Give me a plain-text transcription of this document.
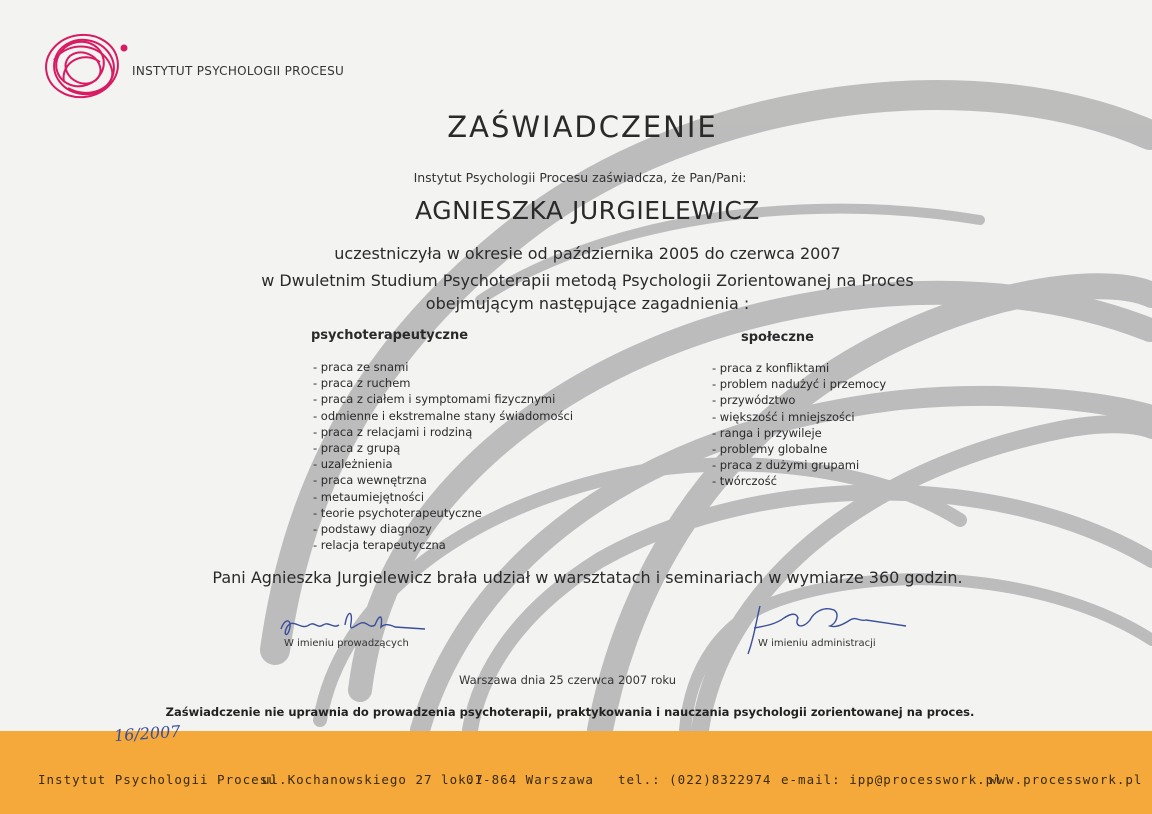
INSTYTUT PSYCHOLOGII PROCESU
ZAŚWIADCZENIE
Instytut Psychologii Procesu zaświadcza, że Pan/Pani:
AGNIESZKA JURGIELEWICZ
uczestniczyła w okresie od października 2005 do czerwca 2007
w Dwuletnim Studium Psychoterapii metodą Psychologii Zorientowanej na Proces
obejmującym następujące zagadnienia :
psychoterapeutyczne
- praca ze snami
- praca z ruchem
- praca z ciałem i symptomami fizycznymi
- odmienne i ekstremalne stany świadomości
- praca z relacjami i rodziną
- praca z grupą
- uzależnienia
- praca wewnętrzna
- metaumiejętności
- teorie psychoterapeutyczne
- podstawy diagnozy
- relacja terapeutyczna
społeczne
- praca z konfliktami
- problem nadużyć i przemocy
- przywództwo
- większość i mniejszości
- ranga i przywileje
- problemy globalne
- praca z dużymi grupami
- twórczość
Pani Agnieszka Jurgielewicz brała udział w warsztatach i seminariach w wymiarze 360 godzin.
W imieniu prowadzących	W imieniu administracji
Warszawa dnia 25 czerwca 2007 roku
Zaświadczenie nie uprawnia do prowadzenia psychoterapii, praktykowania i nauczania psychologii zorientowanej na proces.
Instytut Psychologii Procesu
ul.Kochanowskiego 27 lok.7
01-864 Warszawa tel.: (022)8322974 e-mail: ipp@processwork.pl
www.processwork.pl
16/2007
